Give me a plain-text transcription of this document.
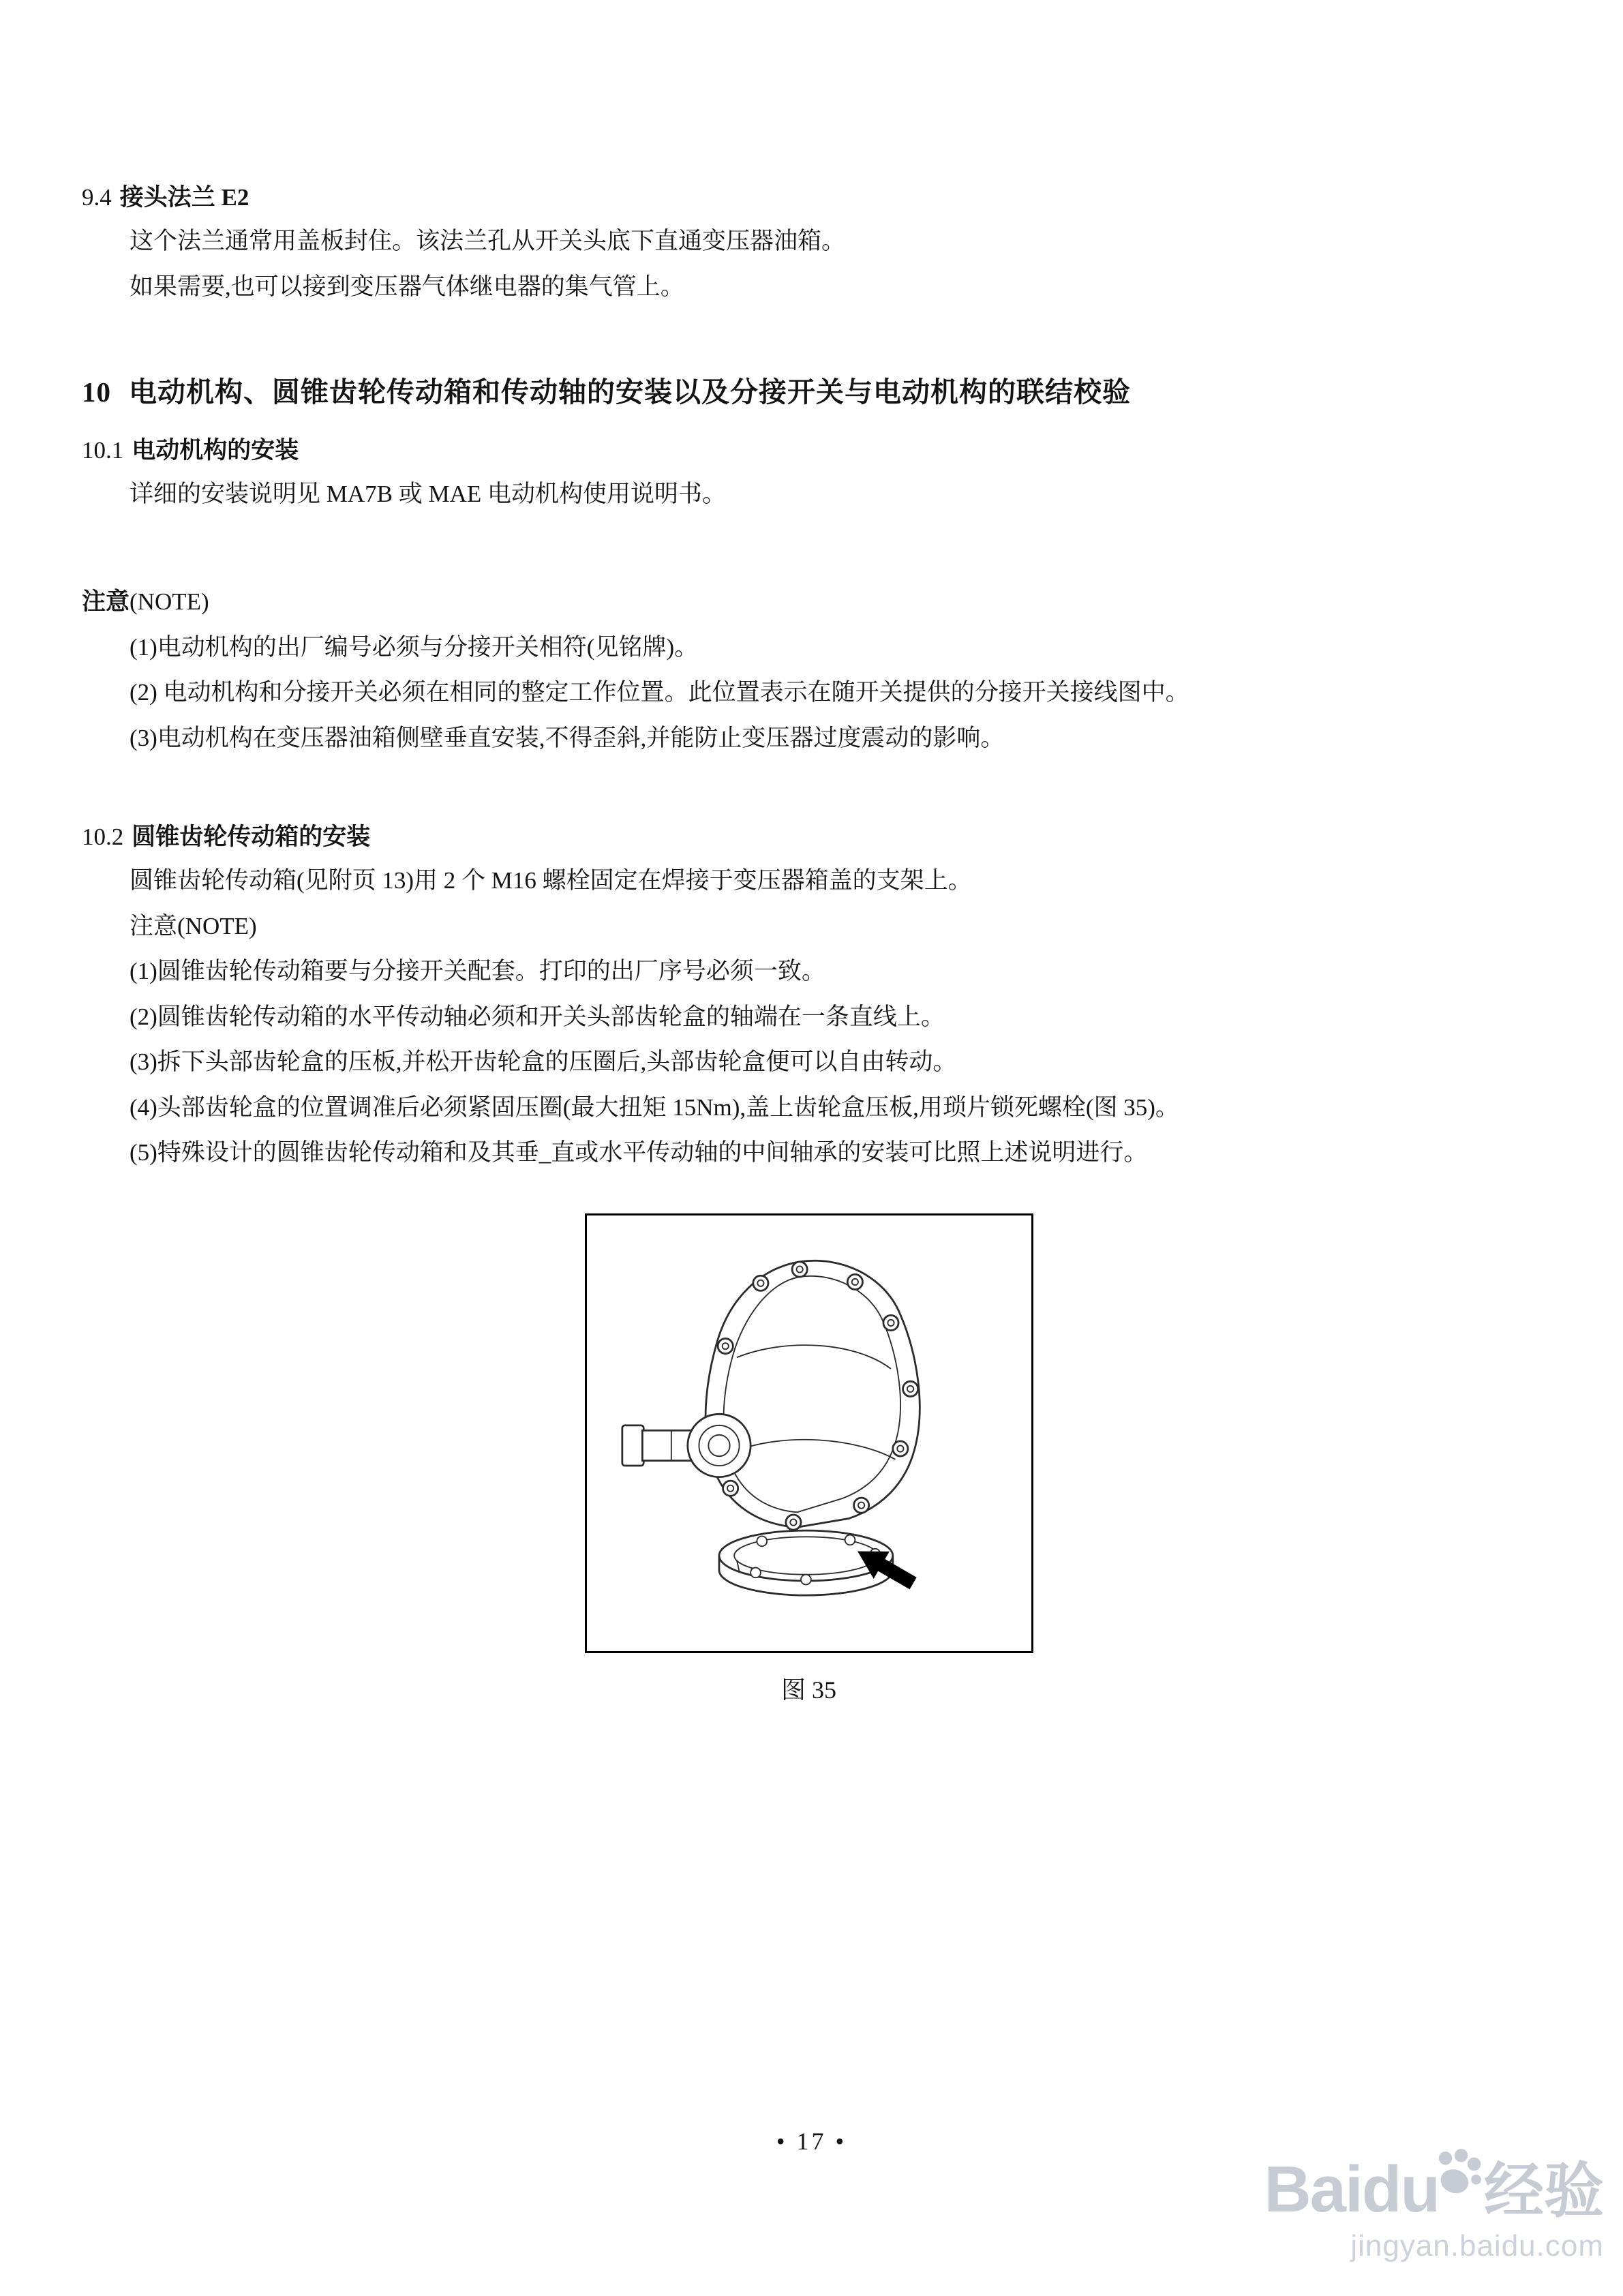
9.4 接头法兰 E2

这个法兰通常用盖板封住。该法兰孔从开关头底下直通变压器油箱。

如果需要,也可以接到变压器气体继电器的集气管上。

10 电动机构、圆锥齿轮传动箱和传动轴的安装以及分接开关与电动机构的联结校验
10.1 电动机构的安装

详细的安装说明见 MA7B 或 MAE 电动机构使用说明书。

注意(NOTE)

(1)电动机构的出厂编号必须与分接开关相符(见铭牌)。

(2) 电动机构和分接开关必须在相同的整定工作位置。此位置表示在随开关提供的分接开关接线图中。

(3)电动机构在变压器油箱侧壁垂直安装,不得歪斜,并能防止变压器过度震动的影响。

10.2 圆锥齿轮传动箱的安装

圆锥齿轮传动箱(见附页 13)用 2 个 M16 螺栓固定在焊接于变压器箱盖的支架上。

注意(NOTE)

(1)圆锥齿轮传动箱要与分接开关配套。打印的出厂序号必须一致。

(2)圆锥齿轮传动箱的水平传动轴必须和开关头部齿轮盒的轴端在一条直线上。

(3)拆下头部齿轮盒的压板,并松开齿轮盒的压圈后,头部齿轮盒便可以自由转动。

(4)头部齿轮盒的位置调准后必须紧固压圈(最大扭矩 15Nm),盖上齿轮盒压板,用琐片锁死螺栓(图 35)。

(5)特殊设计的圆锥齿轮传动箱和及其垂_直或水平传动轴的中间轴承的安装可比照上述说明进行。

图 35
• 17 •
Baidu 经验
jingyan.baidu.com
